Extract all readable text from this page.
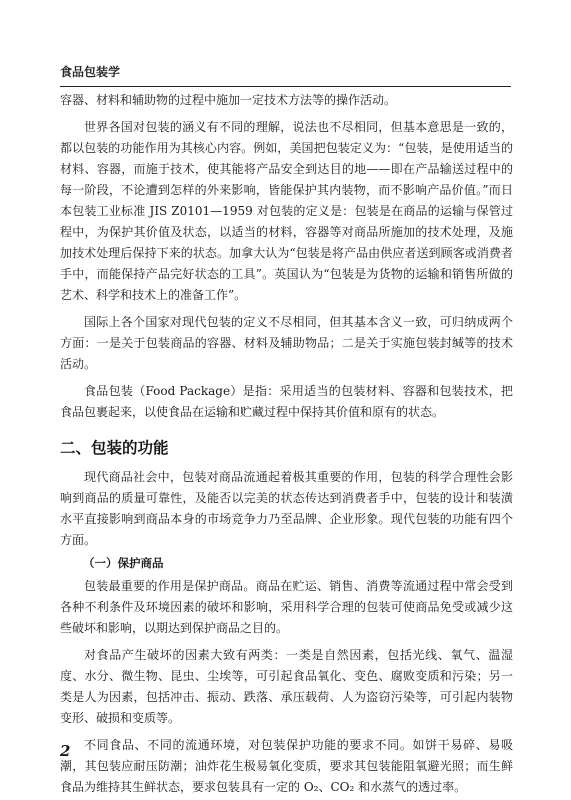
食品包装学

容器、材料和辅助物的过程中施加一定技术方法等的操作活动。

世界各国对包装的涵义有不同的理解，说法也不尽相同，但基本意思是一致的，都以包装的功能作用为其核心内容。例如，美国把包装定义为：“包装，是使用适当的材料、容器，而施于技术，使其能将产品安全到达目的地——即在产品输送过程中的每一阶段，不论遭到怎样的外来影响，皆能保护其内装物，而不影响产品价值。”而日本包装工业标准 JIS Z0101—1959 对包装的定义是：包装是在商品的运输与保管过程中，为保护其价值及状态，以适当的材料，容器等对商品所施加的技术处理，及施加技术处理后保持下来的状态。加拿大认为“包装是将产品由供应者送到顾客或消费者手中，而能保持产品完好状态的工具”。英国认为“包装是为货物的运输和销售所做的艺术、科学和技术上的准备工作”。

国际上各个国家对现代包装的定义不尽相同，但其基本含义一致，可归纳成两个方面：一是关于包装商品的容器、材料及辅助物品；二是关于实施包装封缄等的技术活动。

食品包装（Food Package）是指：采用适当的包装材料、容器和包装技术，把食品包裹起来，以使食品在运输和贮藏过程中保持其价值和原有的状态。

二、包装的功能

现代商品社会中，包装对商品流通起着极其重要的作用，包装的科学合理性会影响到商品的质量可靠性，及能否以完美的状态传达到消费者手中，包装的设计和装潢水平直接影响到商品本身的市场竞争力乃至品牌、企业形象。现代包装的功能有四个方面。

（一）保护商品

包装最重要的作用是保护商品。商品在贮运、销售、消费等流通过程中常会受到各种不利条件及环境因素的破坏和影响，采用科学合理的包装可使商品免受或减少这些破坏和影响，以期达到保护商品之目的。

对食品产生破坏的因素大致有两类：一类是自然因素，包括光线、氧气、温湿度、水分、微生物、昆虫、尘埃等，可引起食品氧化、变色、腐败变质和污染；另一类是人为因素，包括冲击、振动、跌落、承压载荷、人为盗窃污染等，可引起内装物变形、破损和变质等。

不同食品、不同的流通环境，对包装保护功能的要求不同。如饼干易碎、易吸潮，其包装应耐压防潮；油炸花生极易氧化变质，要求其包装能阻氧避光照；而生鲜食品为维持其生鲜状态，要求包装具有一定的 O₂、CO₂ 和水蒸气的透过率。

2
